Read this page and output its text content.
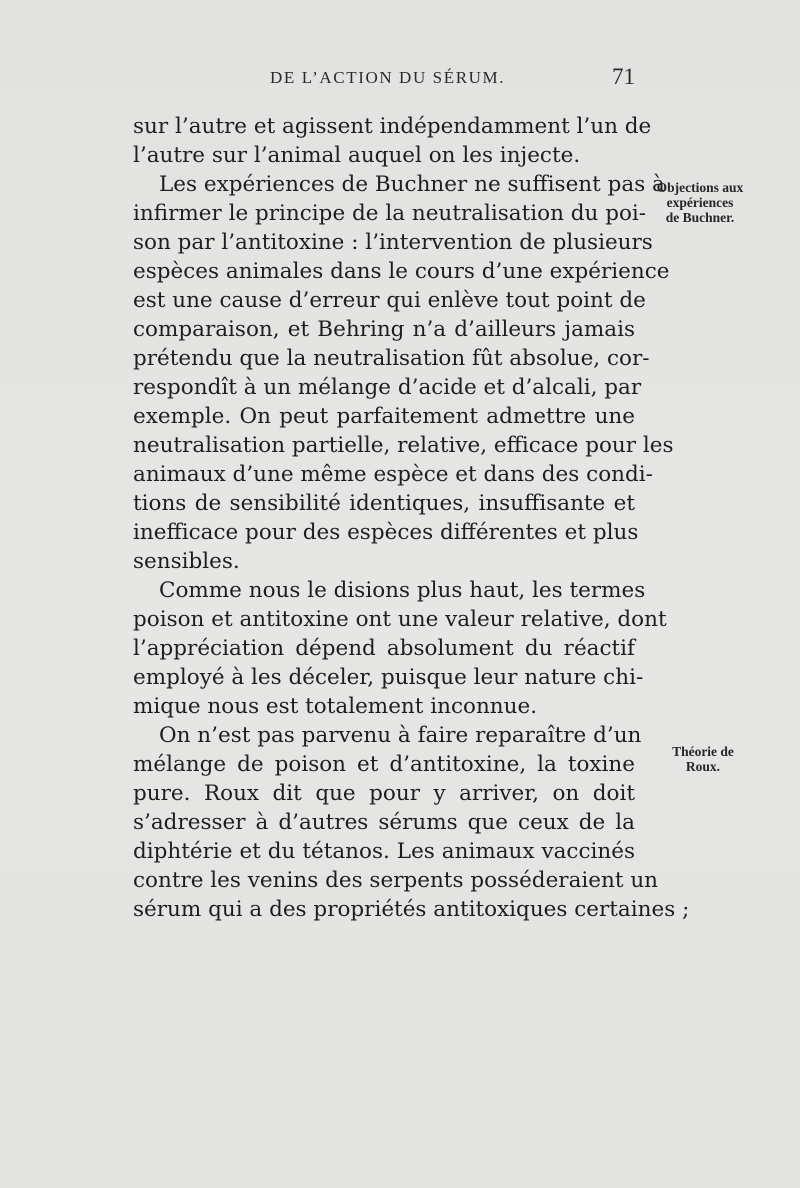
DE L’ACTION DU SÉRUM.	71
sur l’autre et agissent indépendamment l’un de
l’autre sur l’animal auquel on les injecte.
Les expériences de Buchner ne suffisent pas à
infirmer le principe de la neutralisation du poi-
son par l’antitoxine : l’intervention de plusieurs
espèces animales dans le cours d’une expérience
est une cause d’erreur qui enlève tout point de
comparaison, et Behring n’a d’ailleurs jamais
prétendu que la neutralisation fût absolue, cor-
respondît à un mélange d’acide et d’alcali, par
exemple. On peut parfaitement admettre une
neutralisation partielle, relative, efficace pour les
animaux d’une même espèce et dans des condi-
tions de sensibilité identiques, insuffisante et
inefficace pour des espèces différentes et plus
sensibles.
Comme nous le disions plus haut, les termes
poison et antitoxine ont une valeur relative, dont
l’appréciation dépend absolument du réactif
employé à les déceler, puisque leur nature chi-
mique nous est totalement inconnue.
On n’est pas parvenu à faire reparaître d’un
mélange de poison et d’antitoxine, la toxine
pure. Roux dit que pour y arriver, on doit
s’adresser à d’autres sérums que ceux de la
diphtérie et du tétanos. Les animaux vaccinés
contre les venins des serpents posséderaient un
sérum qui a des propriétés antitoxiques certaines ;
Objections aux
expériences
de Buchner.
Théorie de
Roux.
